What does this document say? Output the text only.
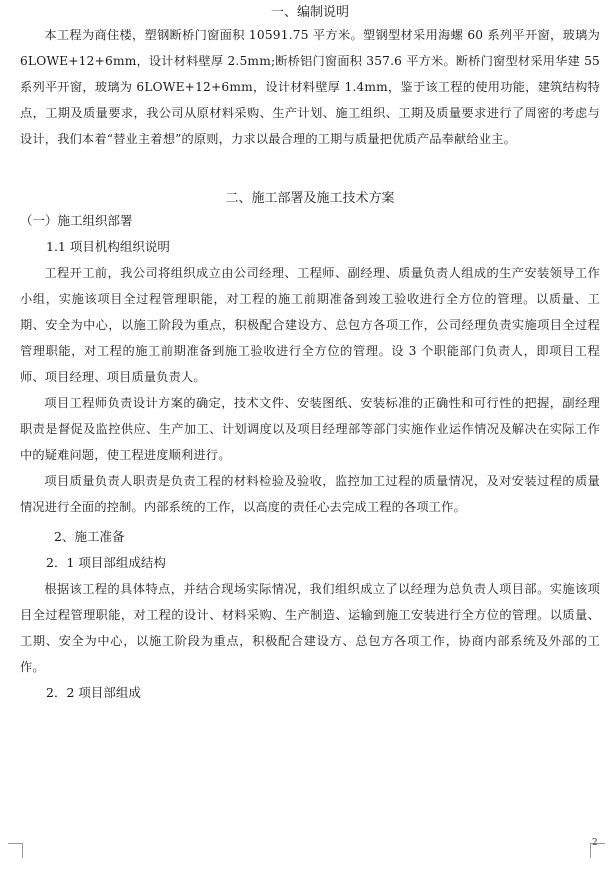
一、编制说明

本工程为商住楼，塑钢断桥门窗面积 10591.75 平方米。塑钢型材采用海螺 60 系列平开窗，玻璃为 6LOWE+12+6mm，设计材料壁厚 2.5mm;断桥铝门窗面积 357.6 平方米。断桥门窗型材采用华建 55 系列平开窗，玻璃为 6LOWE+12+6mm，设计材料壁厚 1.4mm，鉴于该工程的使用功能，建筑结构特点，工期及质量要求，我公司从原材料采购、生产计划、施工组织、工期及质量要求进行了周密的考虑与设计，我们本着“替业主着想”的原则，力求以最合理的工期与质量把优质产品奉献给业主。

二、施工部署及施工技术方案

（一）施工组织部署

1.1 项目机构组织说明

工程开工前，我公司将组织成立由公司经理、工程师、副经理、质量负责人组成的生产安装领导工作小组，实施该项目全过程管理职能，对工程的施工前期准备到竣工验收进行全方位的管理。以质量、工期、安全为中心，以施工阶段为重点，积极配合建设方、总包方各项工作，公司经理负责实施项目全过程管理职能，对工程的施工前期准备到施工验收进行全方位的管理。设 3 个职能部门负责人，即项目工程师、项目经理、项目质量负责人。

项目工程师负责设计方案的确定，技术文件、安装图纸、安装标准的正确性和可行性的把握，副经理职责是督促及监控供应、生产加工、计划调度以及项目经理部等部门实施作业运作情况及解决在实际工作中的疑难问题，使工程进度顺利进行。

项目质量负责人职责是负责工程的材料检验及验收，监控加工过程的质量情况，及对安装过程的质量情况进行全面的控制。内部系统的工作，以高度的责任心去完成工程的各项工作。

2、施工准备

2．1 项目部组成结构

根据该工程的具体特点，并结合现场实际情况，我们组织成立了以经理为总负责人项目部。实施该项目全过程管理职能，对工程的设计、材料采购、生产制造、运输到施工安装进行全方位的管理。以质量、工期、安全为中心，以施工阶段为重点，积极配合建设方、总包方各项工作，协商内部系统及外部的工作。

2．2 项目部组成

2
